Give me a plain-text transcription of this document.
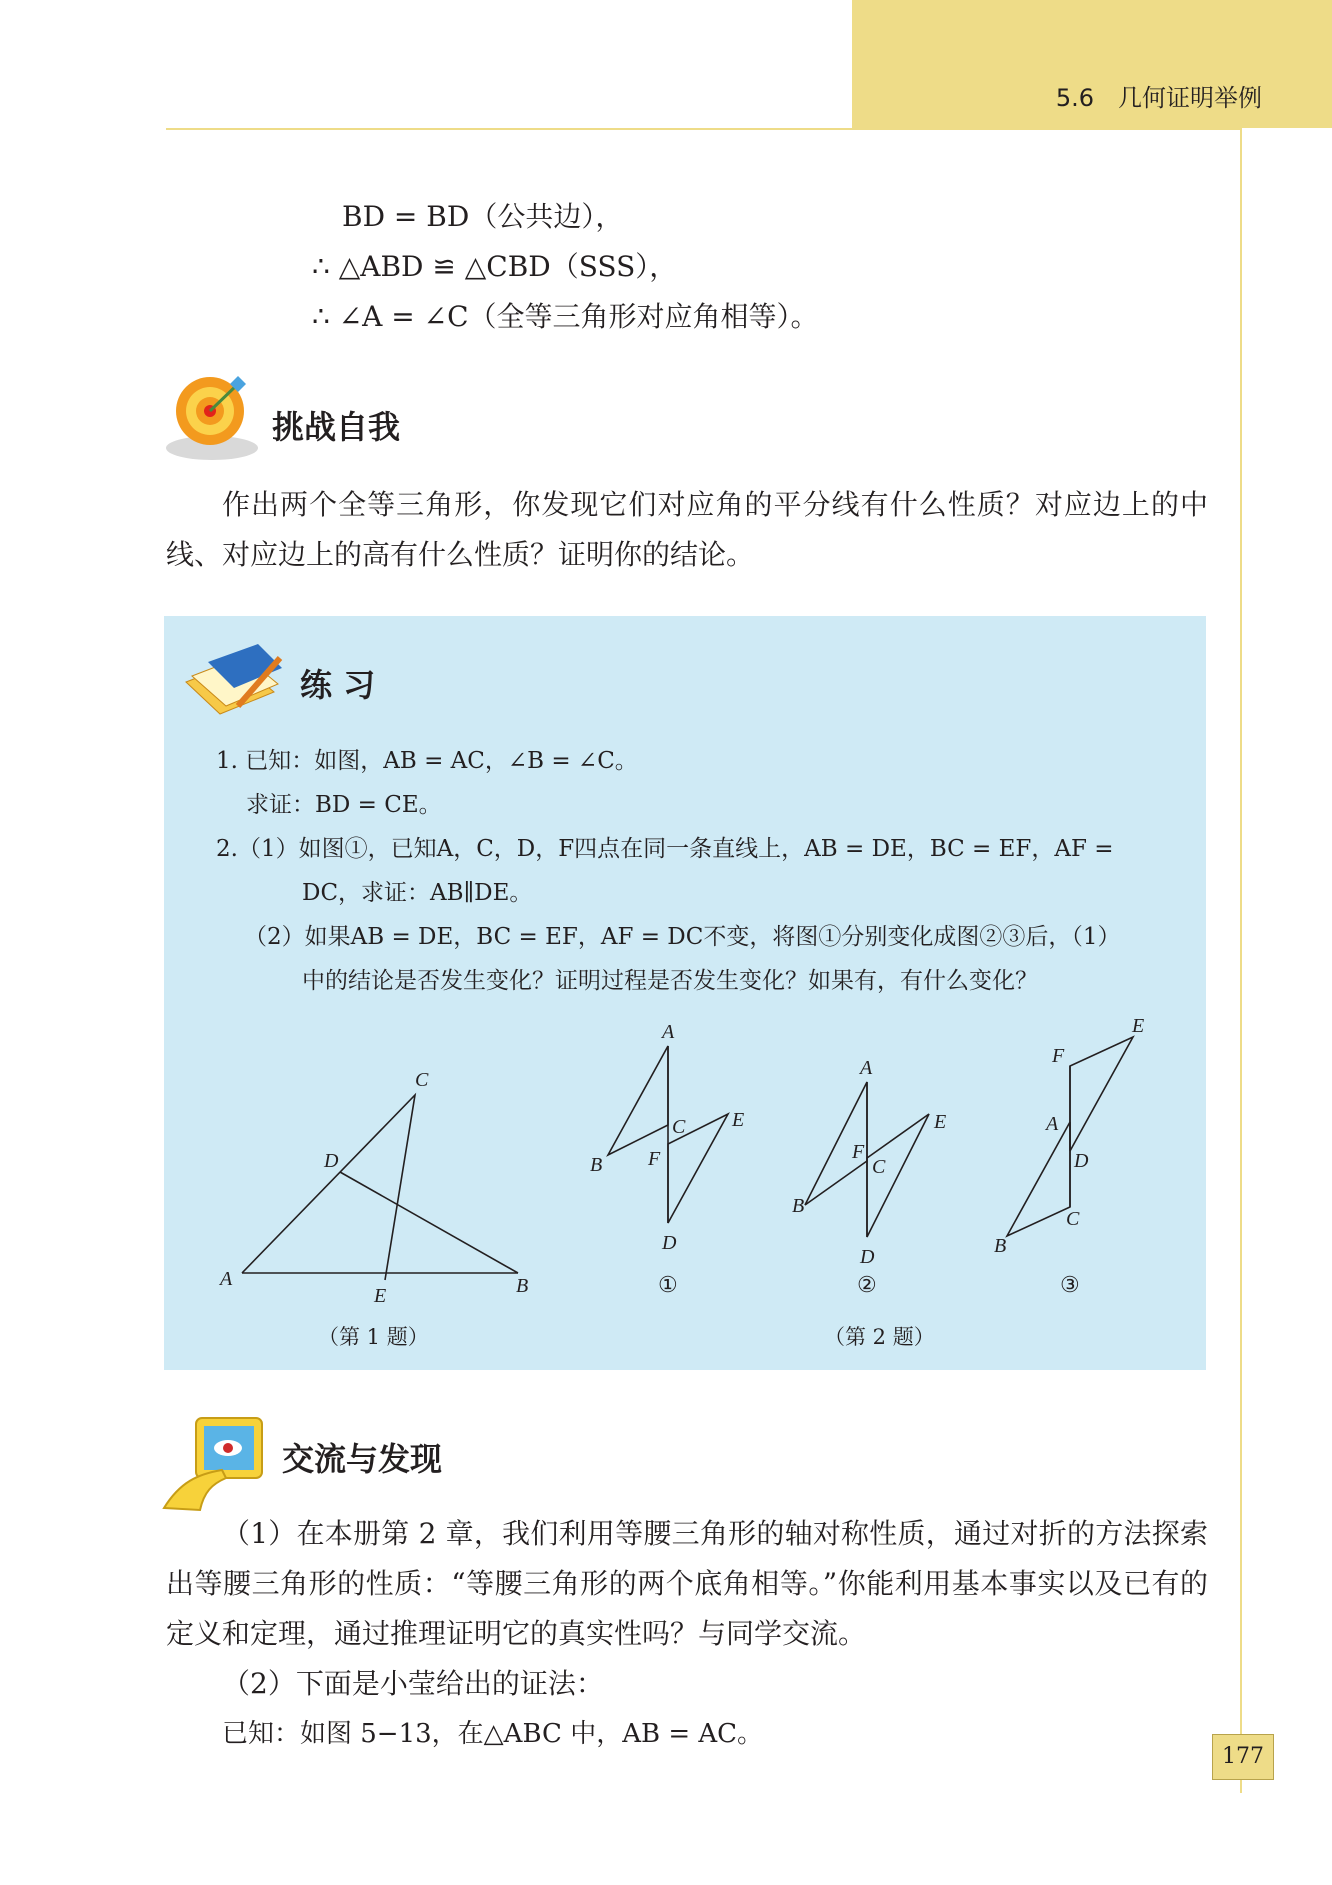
5.6　几何证明举例
BD = BD（公共边），
∴ △ABD ≌ △CBD（SSS），
∴ ∠A = ∠C（全等三角形对应角相等）。
挑战自我
作出两个全等三角形，你发现它们对应角的平分线有什么性质？对应边上的中线、对应边上的高有什么性质？证明你的结论。
练 习
1. 已知：如图，AB = AC，∠B = ∠C。
求证：BD = CE。
2.（1）如图①，已知A，C，D，F四点在同一条直线上，AB = DE，BC = EF，AF =
DC，求证：AB∥DE。
（2）如果AB = DE，BC = EF，AF = DC不变，将图①分别变化成图②③后，（1）
中的结论是否发生变化？证明过程是否发生变化？如果有，有什么变化？
A	B
C
D
E
A
B
C
D
E
F
A
B
C
D
E
F
A
B
C
D
E
F
①	②	③
（第 1 题）	（第 2 题）
交流与发现
（1）在本册第 2 章，我们利用等腰三角形的轴对称性质，通过对折的方法探索出等腰三角形的性质：“等腰三角形的两个底角相等。”你能利用基本事实以及已有的定义和定理，通过推理证明它的真实性吗？与同学交流。
（2）下面是小莹给出的证法：
已知：如图 5−13，在△ABC 中，AB = AC。
177
